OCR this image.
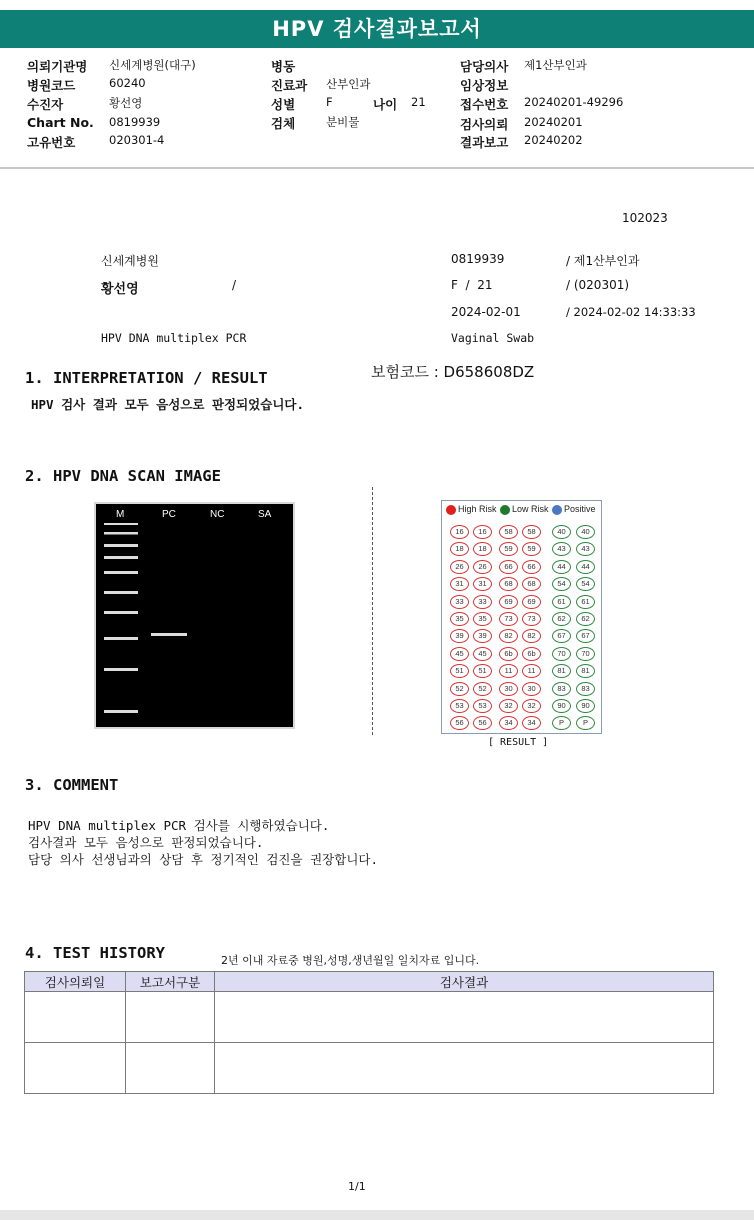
HPV 검사결과보고서
의뢰기관명 신세계병원(대구)
병원코드	60240
수진자	황선영
Chart No. 0819939
고유번호	020301-4
병동
진료과 산부인과
성별	F	나이 21
검체	분비물
담당의사 제1산부인과
임상정보
접수번호 20240201-49296
검사의뢰 20240201
결과보고 20240202
102023
신세계병원	0819939	/ 제1산부인과
황선영	/	F  /  21	/ (020301)
2024-02-01	/ 2024-02-02 14:33:33
HPV DNA multiplex PCR	Vaginal Swab
보험코드 : D658608DZ
1. INTERPRETATION / RESULT
HPV 검사 결과 모두 음성으로 판정되었습니다.
2. HPV DNA SCAN IMAGE
M	PC	NC	SA	High Risk Low Risk Positive
16	16	58	58	40	40
18	18	59	59	43	43
26	26	66	66	44	44
31	31	68	68	54	54
33	33	69	69	61	61
35	35	73	73	62	62
39	39	82	82	67	67
45	45	6b	6b	70	70
51	51	11	11	81	81
52	52	30	30	83	83
53	53	32	32	90	90
56	56	34	34	P	P
[ RESULT ]
3. COMMENT
HPV DNA multiplex PCR 검사를 시행하였습니다.
검사결과 모두 음성으로 판정되었습니다.
담당 의사 선생님과의 상담 후 정기적인 검진을 권장합니다.
4. TEST HISTORY	2년 이내 자료중 병원,성명,생년월일 일치자료 입니다.
검사의뢰일	보고서구분	검사결과

1/1
